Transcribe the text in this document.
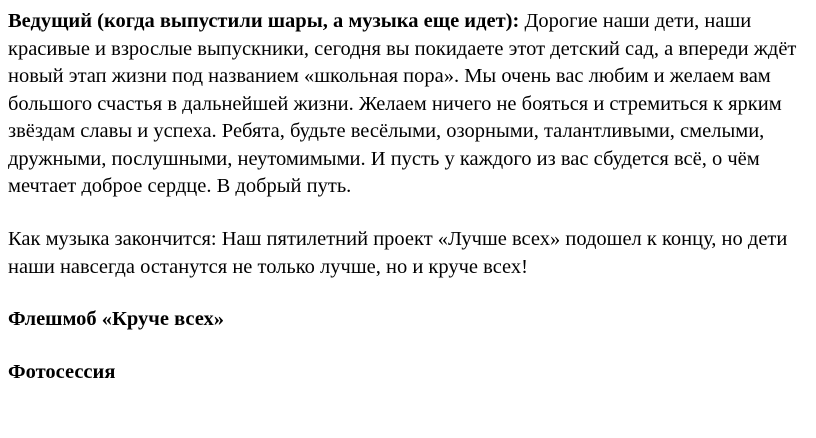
Ведущий (когда выпустили шары, а музыка еще идет): Дорогие наши дети, наши красивые и взрослые выпускники, сегодня вы покидаете этот детский сад, а впереди ждёт новый этап жизни под названием «школьная пора». Мы очень вас любим и желаем вам большого счастья в дальнейшей жизни. Желаем ничего не бояться и стремиться к ярким звёздам славы и успеха. Ребята, будьте весёлыми, озорными, талантливыми, смелыми, дружными, послушными, неутомимыми. И пусть у каждого из вас сбудется всё, о чём мечтает доброе сердце. В добрый путь.

Как музыка закончится: Наш пятилетний проект «Лучше всех» подошел к концу, но дети наши навсегда останутся не только лучше, но и круче всех!

Флешмоб «Круче всех»

Фотосессия
